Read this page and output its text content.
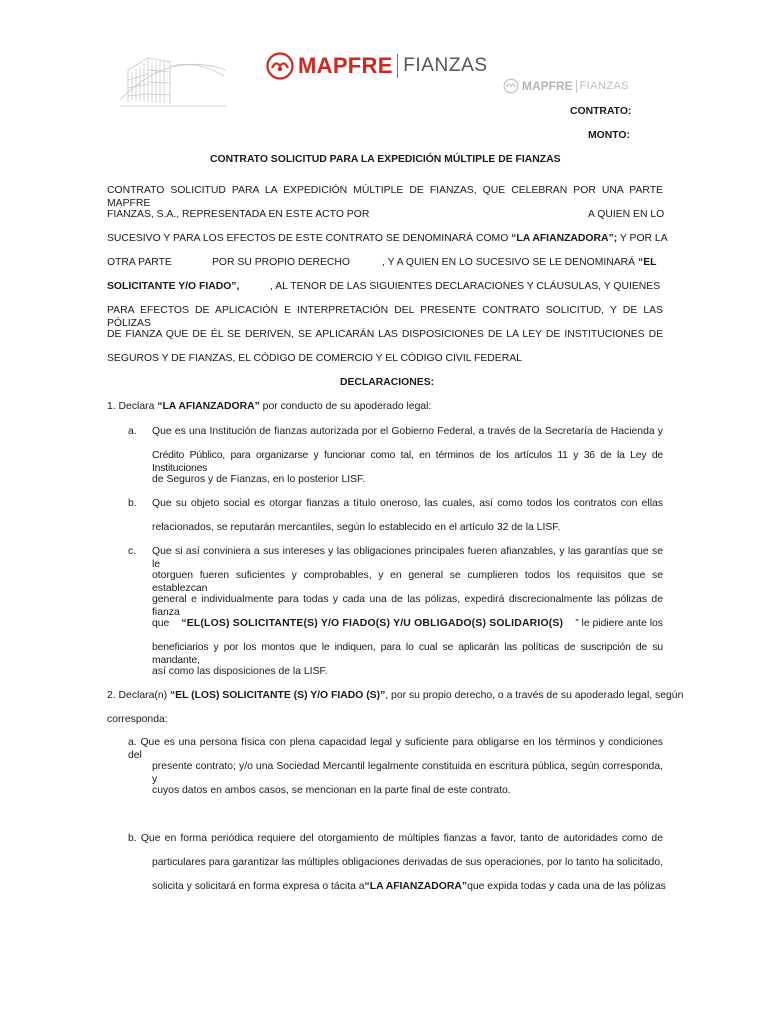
MAPFRE FIANZAS
MAPFRE FIANZAS
CONTRATO:
MONTO:
CONTRATO SOLICITUD PARA LA EXPEDICIÓN MÚLTIPLE DE FIANZAS
CONTRATO SOLICITUD PARA LA EXPEDICIÓN MÚLTIPLE DE FIANZAS, QUE CELEBRAN POR UNA PARTE MAPFRE
FIANZAS, S.A., REPRESENTADA EN ESTE ACTO POR	A QUIEN EN LO
SUCESIVO Y PARA LOS EFECTOS DE ESTE CONTRATO SE DENOMINARÁ COMO “LA AFIANZADORA”; Y POR LA
OTRA PARTE	POR SU PROPIO DERECHO	, Y A QUIEN EN LO SUCESIVO SE LE DENOMINARÁ “EL
SOLICITANTE Y/O FIADO”,	, AL TENOR DE LAS SIGUIENTES DECLARACIONES Y CLÁUSULAS, Y QUIENES
PARA EFECTOS DE APLICACIÓN E INTERPRETACIÓN DEL PRESENTE CONTRATO SOLICITUD, Y DE LAS PÓLIZAS
DE FIANZA QUE DE ÉL SE DERIVEN, SE APLICARÁN LAS DISPOSICIONES DE LA LEY DE INSTITUCIONES DE
SEGUROS Y DE FIANZAS, EL CÓDIGO DE COMERCIO Y EL CÓDIGO CIVIL FEDERAL
DECLARACIONES:
1. Declara “LA AFIANZADORA” por conducto de su apoderado legal:
a. Que es una Institución de fianzas autorizada por el Gobierno Federal, a través de la Secretaría de Hacienda y
Crédito Público, para organizarse y funcionar como tal, en términos de los artículos 11 y 36 de la Ley de Instituciones
de Seguros y de Fianzas, en lo posterior LISF.
b. Que su objeto social es otorgar fianzas a título oneroso, las cuales, así como todos los contratos con ellas
relacionados, se reputarán mercantiles, según lo establecido en el artículo 32 de la LISF.
c. Que si así conviniera a sus intereses y las obligaciones principales fueren afianzables, y las garantías que se le
otorguen fueren suficientes y comprobables, y en general se cumplieren todos los requisitos que se establezcan
general e individualmente para todas y cada una de las pólizas, expedirá discrecionalmente las pólizas de fianza
que “EL(LOS) SOLICITANTE(S) Y/O FIADO(S) Y/U OBLIGADO(S) SOLIDARIO(S) ” le pidiere ante los
beneficiarios y por los montos que le indiquen, para lo cual se aplicarán las políticas de suscripción de su mandante,
así como las disposiciones de la LISF.
2. Declara(n) “EL (LOS) SOLICITANTE (S) Y/O FIADO (S)”, por su propio derecho, o a través de su apoderado legal, según
corresponda:
a. Que es una persona física con plena capacidad legal y suficiente para obligarse en los términos y condiciones del
presente contrato; y/o una Sociedad Mercantil legalmente constituida en escritura pública, según corresponda, y
cuyos datos en ambos casos, se mencionan en la parte final de este contrato.
b. Que en forma periódica requiere del otorgamiento de múltiples fianzas a favor, tanto de autoridades como de
particulares para garantizar las múltiples obligaciones derivadas de sus operaciones, por lo tanto ha solicitado,
solicita y solicitará en forma expresa o tácita a “LA AFIANZADORA” que expida todas y cada una de las pólizas
